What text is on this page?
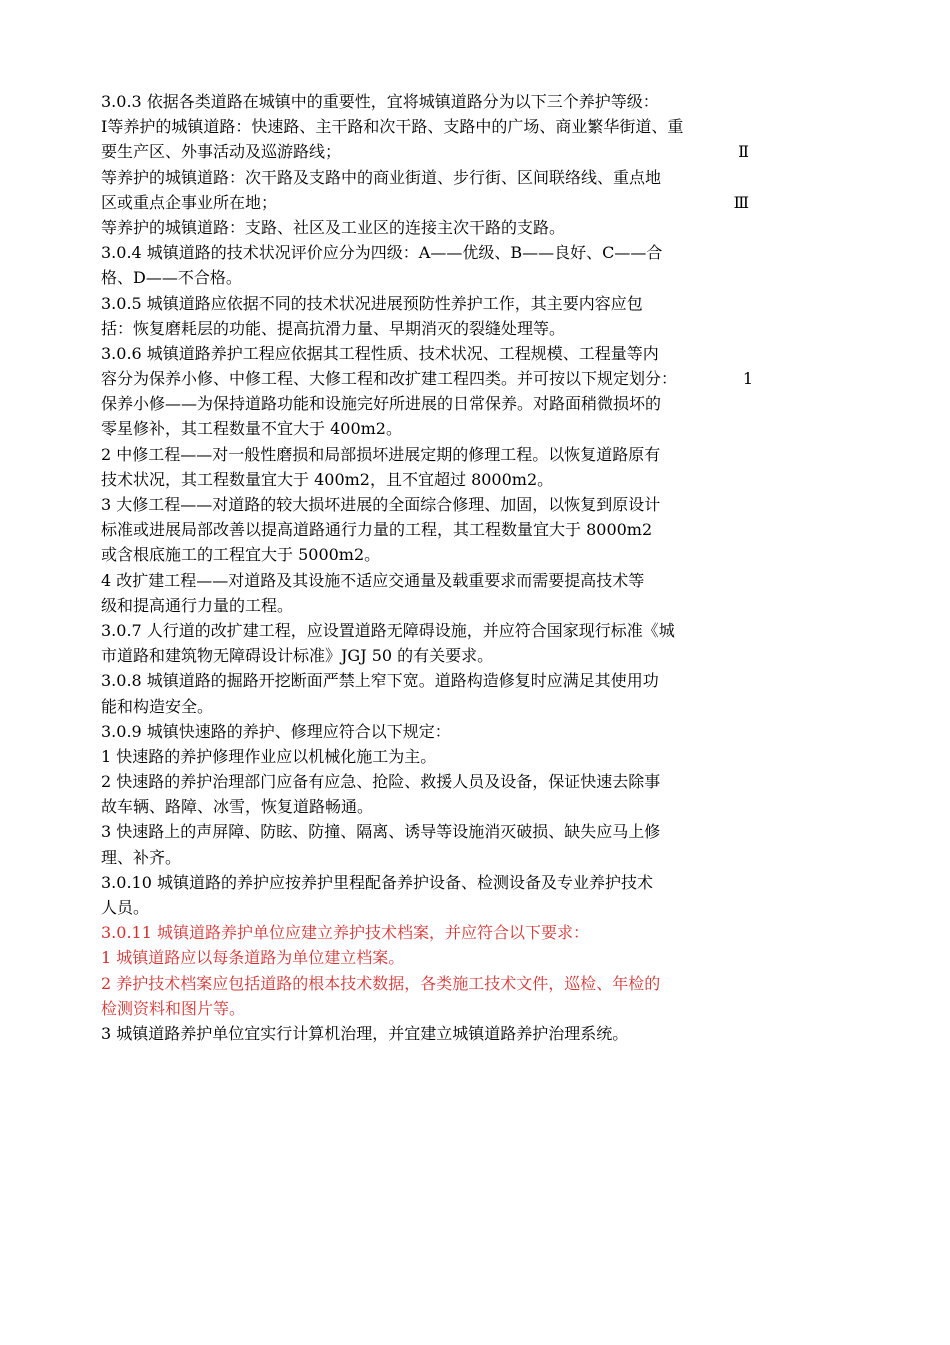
3.0.3 依据各类道路在城镇中的重要性，宜将城镇道路分为以下三个养护等级：
Ⅰ等养护的城镇道路：快速路、主干路和次干路、支路中的广场、商业繁华街道、重
要生产区、外事活动及巡游路线；	Ⅱ
等养护的城镇道路：次干路及支路中的商业街道、步行街、区间联络线、重点地
区或重点企事业所在地；	Ⅲ
等养护的城镇道路：支路、社区及工业区的连接主次干路的支路。
3.0.4 城镇道路的技术状况评价应分为四级：A——优级、B——良好、C——合
格、D——不合格。
3.0.5 城镇道路应依据不同的技术状况进展预防性养护工作，其主要内容应包
括：恢复磨耗层的功能、提高抗滑力量、早期消灭的裂缝处理等。
3.0.6 城镇道路养护工程应依据其工程性质、技术状况、工程规模、工程量等内
容分为保养小修、中修工程、大修工程和改扩建工程四类。并可按以下规定划分：	1
保养小修——为保持道路功能和设施完好所进展的日常保养。对路面稍微损坏的
零星修补，其工程数量不宜大于 400m2。
2 中修工程——对一般性磨损和局部损坏进展定期的修理工程。以恢复道路原有
技术状况，其工程数量宜大于 400m2，且不宜超过 8000m2。
3 大修工程——对道路的较大损坏进展的全面综合修理、加固，以恢复到原设计
标准或进展局部改善以提高道路通行力量的工程，其工程数量宜大于 8000m2
或含根底施工的工程宜大于 5000m2。
4 改扩建工程——对道路及其设施不适应交通量及载重要求而需要提高技术等
级和提高通行力量的工程。
3.0.7 人行道的改扩建工程，应设置道路无障碍设施，并应符合国家现行标准《城
市道路和建筑物无障碍设计标准》JGJ 50 的有关要求。
3.0.8 城镇道路的掘路开挖断面严禁上窄下宽。道路构造修复时应满足其使用功
能和构造安全。
3.0.9 城镇快速路的养护、修理应符合以下规定：
1 快速路的养护修理作业应以机械化施工为主。
2 快速路的养护治理部门应备有应急、抢险、救援人员及设备，保证快速去除事
故车辆、路障、冰雪，恢复道路畅通。
3 快速路上的声屏障、防眩、防撞、隔离、诱导等设施消灭破损、缺失应马上修
理、补齐。
3.0.10 城镇道路的养护应按养护里程配备养护设备、检测设备及专业养护技术
人员。
3.0.11 城镇道路养护单位应建立养护技术档案，并应符合以下要求：
1 城镇道路应以每条道路为单位建立档案。
2 养护技术档案应包括道路的根本技术数据，各类施工技术文件，巡检、年检的
检测资料和图片等。
3 城镇道路养护单位宜实行计算机治理，并宜建立城镇道路养护治理系统。
